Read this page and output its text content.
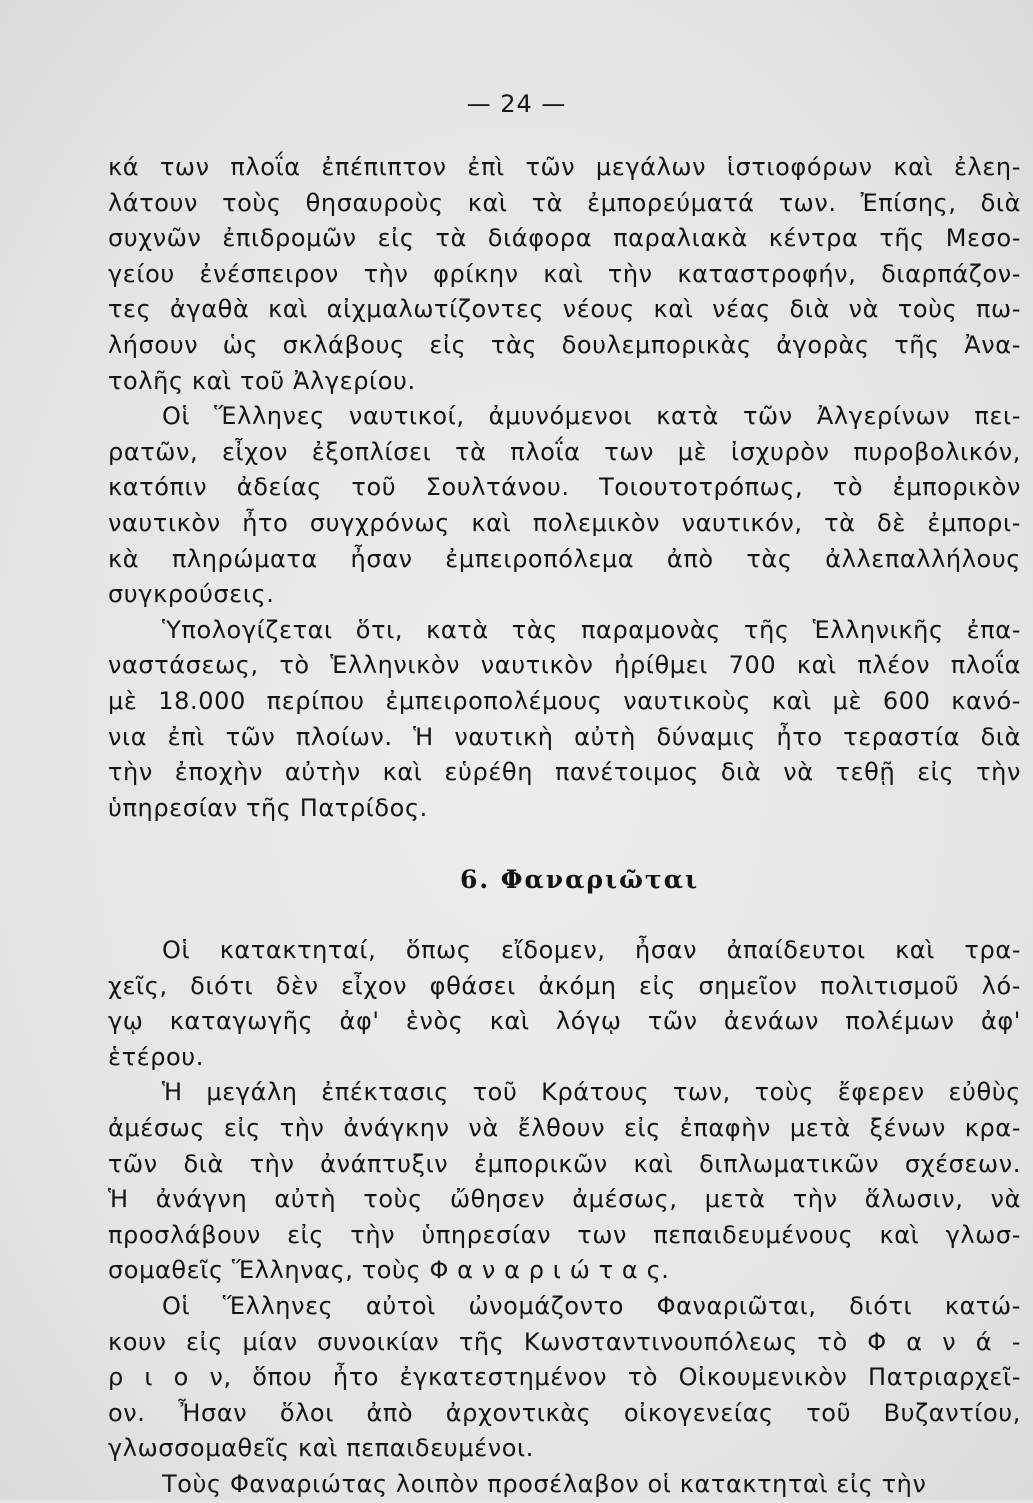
— 24 —
κά των πλοΐα ἐπέπιπτον ἐπὶ τῶν μεγάλων ἱστιοφόρων καὶ ἐλεη-
λάτουν τοὺς θησαυροὺς καὶ τὰ ἐμπορεύματά των. Ἐπίσης, διὰ
συχνῶν ἐπιδρομῶν εἰς τὰ διάφορα παραλιακὰ κέντρα τῆς Μεσο-
γείου ἐνέσπειρον τὴν φρίκην καὶ τὴν καταστροφήν, διαρπάζον-
τες ἀγαθὰ καὶ αἰχμαλωτίζοντες νέους καὶ νέας διὰ νὰ τοὺς πω-
λήσουν ὡς σκλάβους εἰς τὰς δουλεμπορικὰς ἀγορὰς τῆς Ἀνα-
τολῆς καὶ τοῦ Ἀλγερίου.
Οἱ Ἕλληνες ναυτικοί, ἀμυνόμενοι κατὰ τῶν Ἀλγερίνων πει-
ρατῶν, εἶχον ἐξοπλίσει τὰ πλοΐα των μὲ ἰσχυρὸν πυροβολικόν,
κατόπιν ἀδείας τοῦ Σουλτάνου. Τοιουτοτρόπως, τὸ ἐμπορικὸν
ναυτικὸν ἦτο συγχρόνως καὶ πολεμικὸν ναυτικόν, τὰ δὲ ἐμπορι-
κὰ πληρώματα ἦσαν ἐμπειροπόλεμα ἀπὸ τὰς ἀλλεπαλλήλους
συγκρούσεις.
Ὑπολογίζεται ὅτι, κατὰ τὰς παραμονὰς τῆς Ἑλληνικῆς ἐπα-
ναστάσεως, τὸ Ἑλληνικὸν ναυτικὸν ἠρίθμει 700 καὶ πλέον πλοΐα
μὲ 18.000 περίπου ἐμπειροπολέμους ναυτικοὺς καὶ μὲ 600 κανό-
νια ἐπὶ τῶν πλοίων. Ἡ ναυτικὴ αὐτὴ δύναμις ἦτο τεραστία διὰ
τὴν ἐποχὴν αὐτὴν καὶ εὑρέθη πανέτοιμος διὰ νὰ τεθῇ εἰς τὴν
ὑπηρεσίαν τῆς Πατρίδος.
6. Φαναριῶται
Οἱ κατακτηταί, ὅπως εἴδομεν, ἦσαν ἀπαίδευτοι καὶ τρα-
χεῖς, διότι δὲν εἶχον φθάσει ἀκόμη εἰς σημεῖον πολιτισμοῦ λό-
γῳ καταγωγῆς ἀφ' ἑνὸς καὶ λόγῳ τῶν ἀενάων πολέμων ἀφ'
ἑτέρου.
Ἡ μεγάλη ἐπέκτασις τοῦ Κράτους των, τοὺς ἔφερεν εὐθὺς
ἀμέσως εἰς τὴν ἀνάγκην νὰ ἔλθουν εἰς ἐπαφὴν μετὰ ξένων κρα-
τῶν διὰ τὴν ἀνάπτυξιν ἐμπορικῶν καὶ διπλωματικῶν σχέσεων.
Ἡ ἀνάγνη αὐτὴ τοὺς ὤθησεν ἀμέσως, μετὰ τὴν ἅλωσιν, νὰ
προσλάβουν εἰς τὴν ὑπηρεσίαν των πεπαιδευμένους καὶ γλωσ-
σομαθεῖς Ἕλληνας, τοὺς Φ α ν α ρ ι ώ τ α ς.
Οἱ Ἕλληνες αὐτοὶ ὠνομάζοντο Φαναριῶται, διότι κατώ-
κουν εἰς μίαν συνοικίαν τῆς Κωνσταντινουπόλεως τὸ Φ α ν ά -
ρ ι ο ν, ὅπου ἦτο ἐγκατεστημένον τὸ Οἰκουμενικὸν Πατριαρχεῖ-
ον. Ἦσαν ὅλοι ἀπὸ ἀρχοντικὰς οἰκογενείας τοῦ Βυζαντίου,
γλωσσομαθεῖς καὶ πεπαιδευμένοι.
Τοὺς Φαναριώτας λοιπὸν προσέλαβον οἱ κατακτηταὶ εἰς τὴν
